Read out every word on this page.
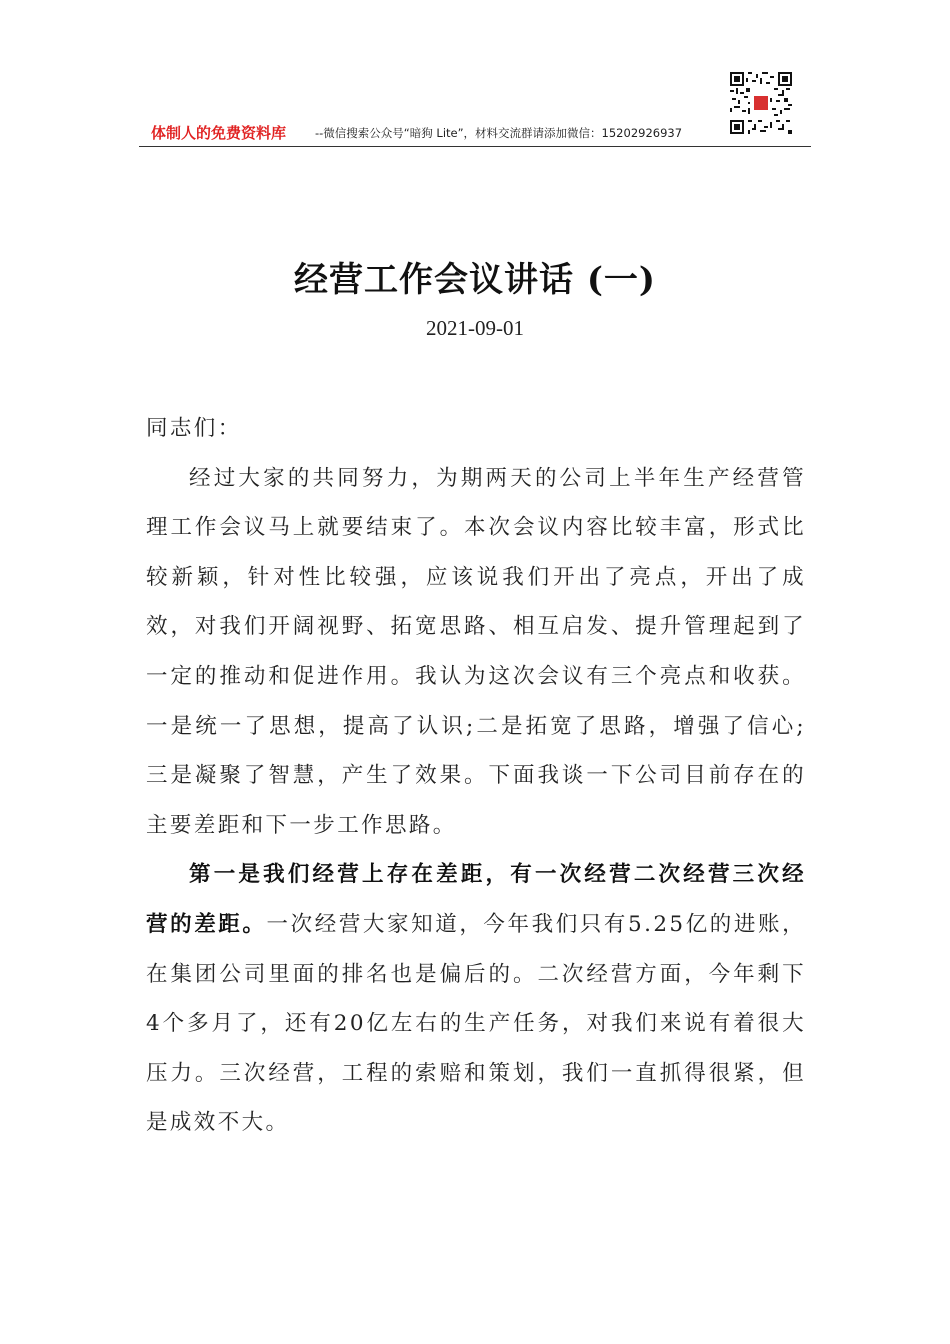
体制人的免费资料库	--微信搜索公众号“暗狗 Lite”，材料交流群请添加微信：15202926937
经营工作会议讲话 (一)
2021-09-01

同志们：

经过大家的共同努力，为期两天的公司上半年生产经营管理工作会议马上就要结束了。本次会议内容比较丰富，形式比较新颖，针对性比较强，应该说我们开出了亮点，开出了成效，对我们开阔视野、拓宽思路、相互启发、提升管理起到了一定的推动和促进作用。我认为这次会议有三个亮点和收获。一是统一了思想，提高了认识;二是拓宽了思路，增强了信心;三是凝聚了智慧，产生了效果。下面我谈一下公司目前存在的主要差距和下一步工作思路。

第一是我们经营上存在差距，有一次经营二次经营三次经营的差距。一次经营大家知道，今年我们只有5.25亿的进账，在集团公司里面的排名也是偏后的。二次经营方面，今年剩下4个多月了，还有20亿左右的生产任务，对我们来说有着很大压力。三次经营，工程的索赔和策划，我们一直抓得很紧，但是成效不大。
